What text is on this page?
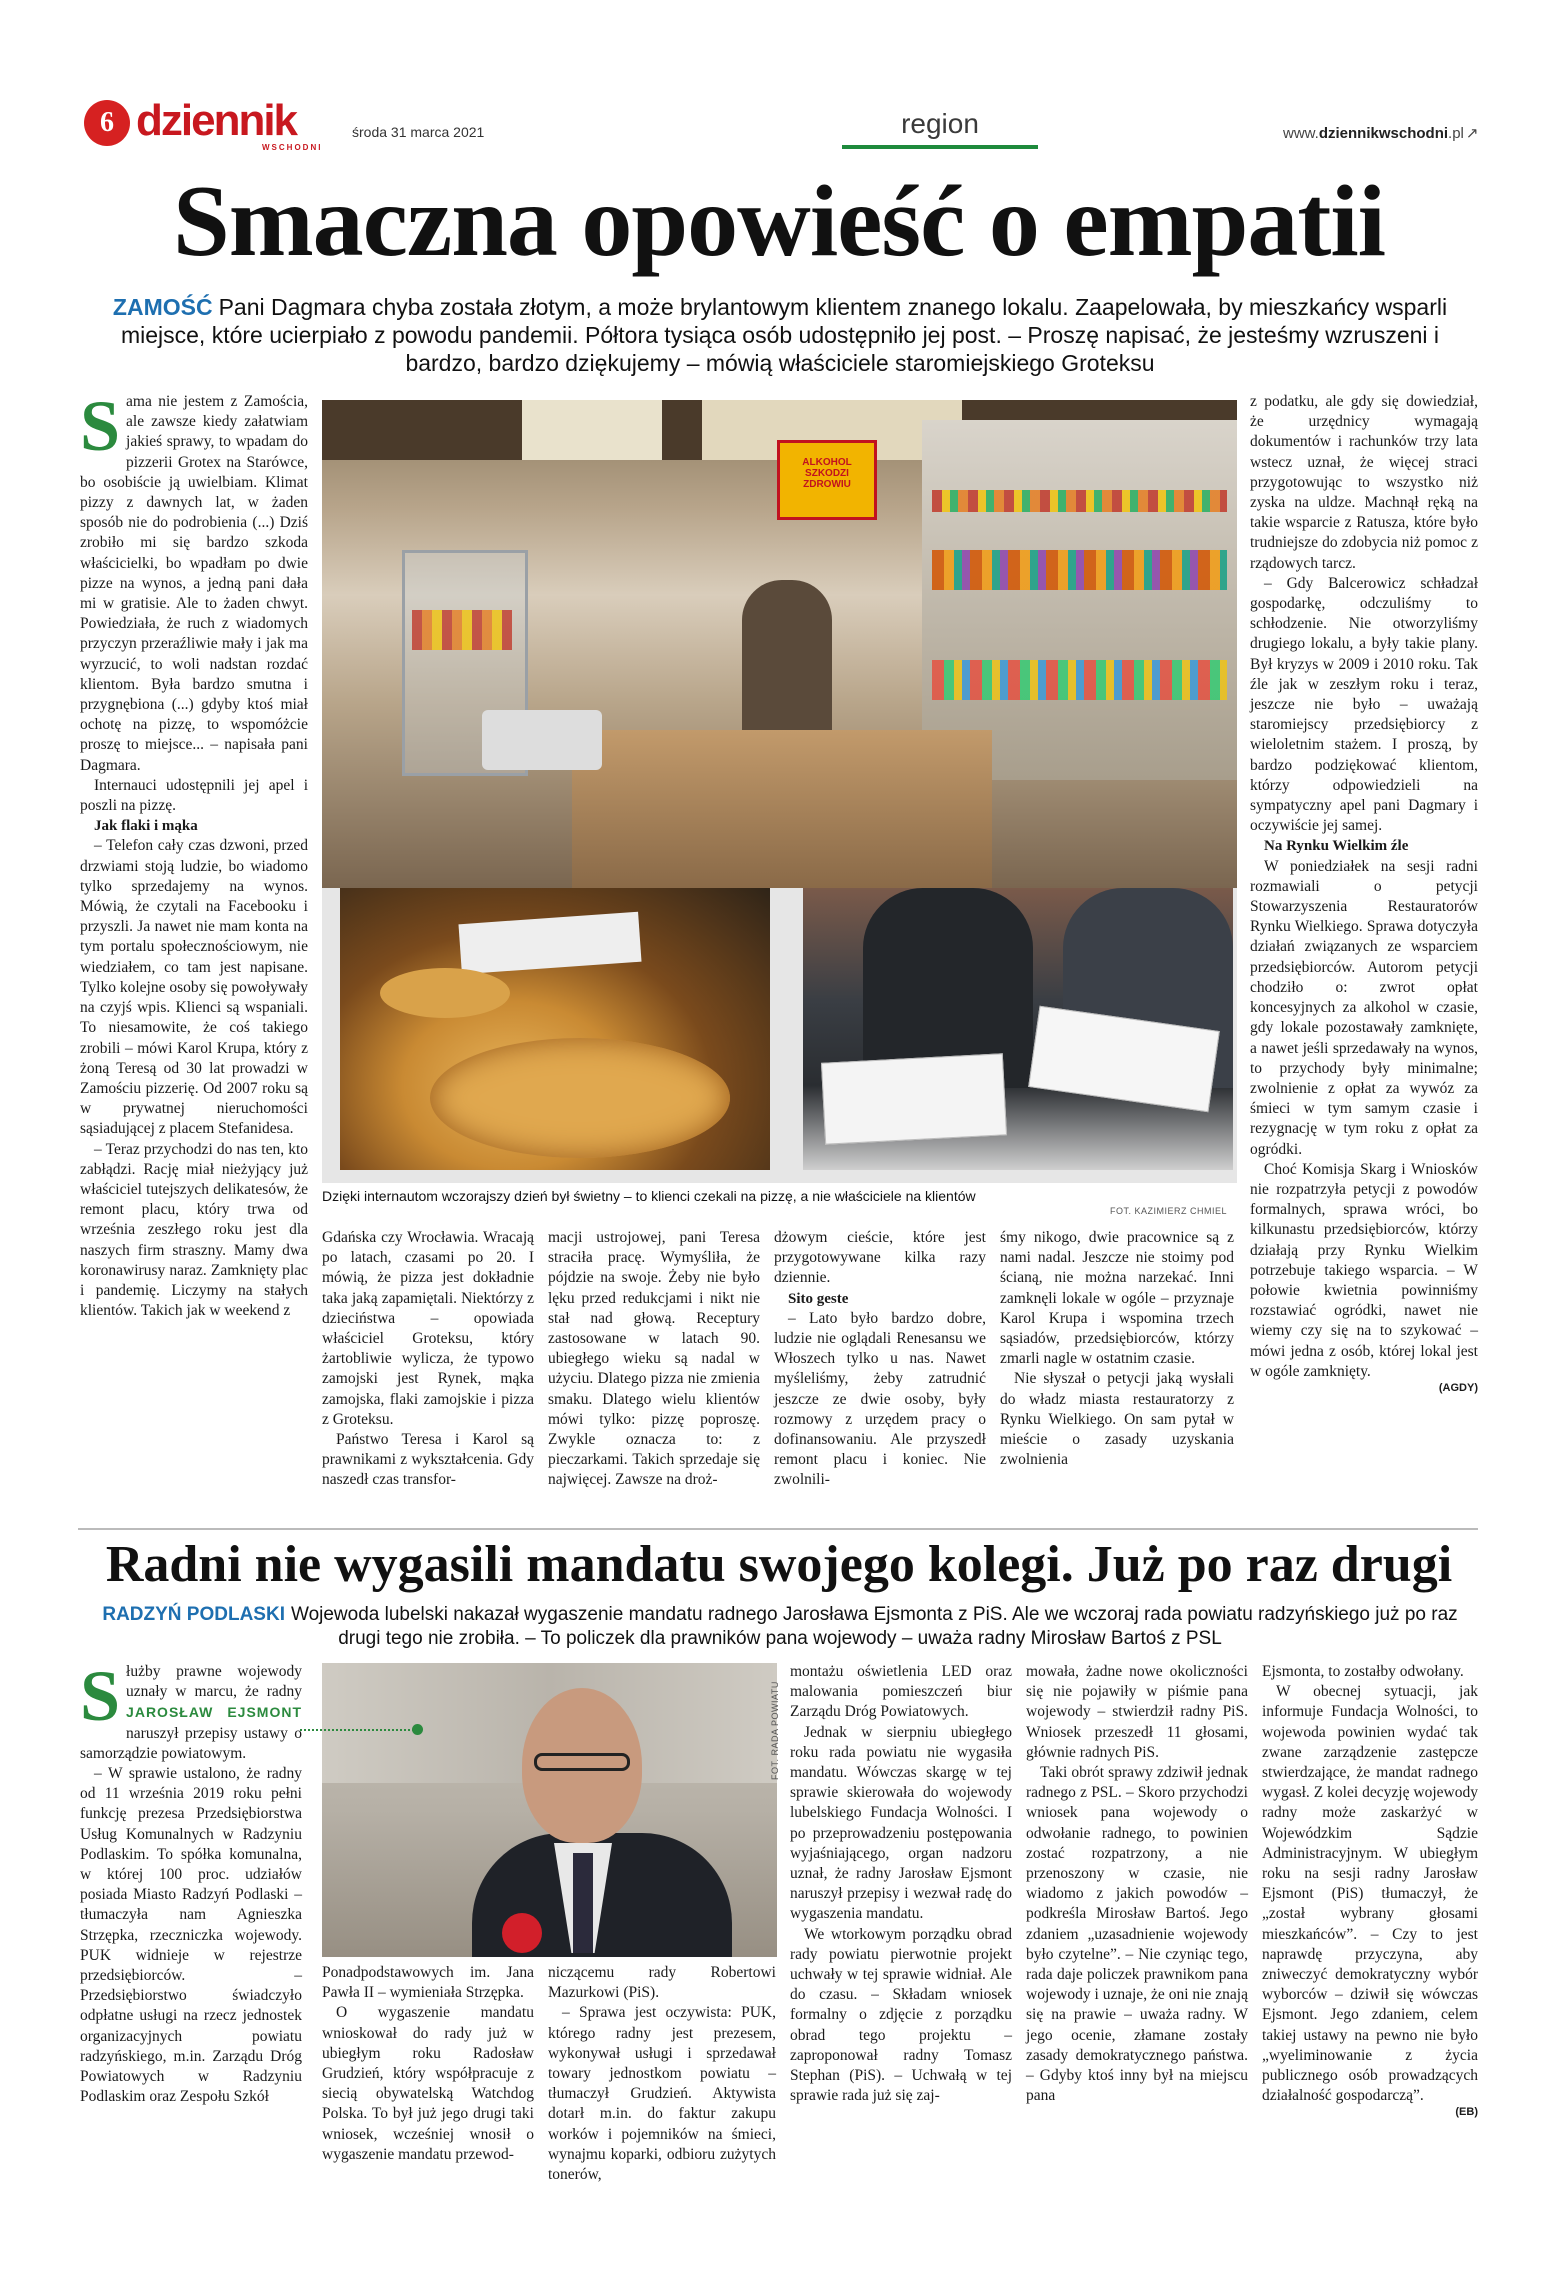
6 dziennik
WSCHODNI
środa 31 marca 2021	region	www.dziennikwschodni.pl ↗
Smaczna opowieść o empatii
ZAMOŚĆ Pani Dagmara chyba została złotym, a może brylantowym klientem znanego lokalu. Zaapelowała, by mieszkańcy wsparli miejsce, które ucierpiało z powodu pandemii. Półtora tysiąca osób udostępniło jej post. – Proszę napisać, że jesteśmy wzruszeni i bardzo, bardzo dziękujemy – mówią właściciele staromiejskiego Groteksu

Sama nie jestem z Zamościa, ale zawsze kiedy załatwiam jakieś sprawy, to wpadam do pizzerii Grotex na Starówce, bo osobiście ją uwielbiam. Klimat pizzy z dawnych lat, w żaden sposób nie do podrobienia (...) Dziś zrobiło mi się bardzo szkoda właścicielki, bo wpadłam po dwie pizze na wynos, a jedną pani dała mi w gratisie. Ale to żaden chwyt. Powiedziała, że ruch z wiadomych przyczyn przeraźliwie mały i jak ma wyrzucić, to woli nadstan rozdać klientom. Była bardzo smutna i przygnębiona (...) gdyby ktoś miał ochotę na pizzę, to wspomóżcie proszę to miejsce... – napisała pani Dagmara.

Internauci udostępnili jej apel i poszli na pizzę.

Jak flaki i mąka

– Telefon cały czas dzwoni, przed drzwiami stoją ludzie, bo wiadomo tylko sprzedajemy na wynos. Mówią, że czytali na Facebooku i przyszli. Ja nawet nie mam konta na tym portalu społecznościowym, nie wiedziałem, co tam jest napisane. Tylko kolejne osoby się powoływały na czyjś wpis. Klienci są wspaniali. To niesamowite, że coś takiego zrobili – mówi Karol Krupa, który z żoną Teresą od 30 lat prowadzi w Zamościu pizzerię. Od 2007 roku są w prywatnej nieruchomości sąsiadującej z placem Stefanidesa.

– Teraz przychodzi do nas ten, kto zabłądzi. Rację miał nieżyjący już właściciel tutejszych delikatesów, że remont placu, który trwa od września zeszłego roku jest dla naszych firm straszny. Mamy dwa koronawirusy naraz. Zamknięty plac i pandemię. Liczymy na stałych klientów. Takich jak w weekend z

ALKOHOL SZKODZI ZDROWIU
Dzięki internautom wczorajszy dzień był świetny – to klienci czekali na pizzę, a nie właściciele na klientów
FOT. KAZIMIERZ CHMIEL

Gdańska czy Wrocławia. Wracają po latach, czasami po 20. I mówią, że pizza jest dokładnie taka jaką zapamiętali. Niektórzy z dzieciństwa – opowiada właściciel Groteksu, który żartobliwie wylicza, że typowo zamojski jest Rynek, mąka zamojska, flaki zamojskie i pizza z Groteksu.

Państwo Teresa i Karol są prawnikami z wykształcenia. Gdy naszedł czas transfor-

macji ustrojowej, pani Teresa straciła pracę. Wymyśliła, że pójdzie na swoje. Żeby nie było lęku przed redukcjami i nikt nie stał nad głową. Receptury zastosowane w latach 90. ubiegłego wieku są nadal w użyciu. Dlatego pizza nie zmienia smaku. Dlatego wielu klientów mówi tylko: pizzę poproszę. Zwykle oznacza to: z pieczarkami. Takich sprzedaje się najwięcej. Zawsze na droż-

dżowym cieście, które jest przygotowywane kilka razy dziennie.

Sito geste

– Lato było bardzo dobre, ludzie nie oglądali Renesansu we Włoszech tylko u nas. Nawet myśleliśmy, żeby zatrudnić jeszcze ze dwie osoby, były rozmowy z urzędem pracy o dofinansowaniu. Ale przyszedł remont placu i koniec. Nie zwolnili-

śmy nikogo, dwie pracownice są z nami nadal. Jeszcze nie stoimy pod ścianą, nie można narzekać. Inni zamknęli lokale w ogóle – przyznaje Karol Krupa i wspomina trzech sąsiadów, przedsiębiorców, którzy zmarli nagle w ostatnim czasie.

Nie słyszał o petycji jaką wysłali do władz miasta restauratorzy z Rynku Wielkiego. On sam pytał w mieście o zasady uzyskania zwolnienia

z podatku, ale gdy się dowiedział, że urzędnicy wymagają dokumentów i rachunków trzy lata wstecz uznał, że więcej straci przygotowując to wszystko niż zyska na uldze. Machnął ręką na takie wsparcie z Ratusza, które było trudniejsze do zdobycia niż pomoc z rządowych tarcz.

– Gdy Balcerowicz schładzał gospodarkę, odczuliśmy to schłodzenie. Nie otworzyliśmy drugiego lokalu, a były takie plany. Był kryzys w 2009 i 2010 roku. Tak źle jak w zeszłym roku i teraz, jeszcze nie było – uważają staromiejscy przedsiębiorcy z wieloletnim stażem. I proszą, by bardzo podziękować klientom, którzy odpowiedzieli na sympatyczny apel pani Dagmary i oczywiście jej samej.

Na Rynku Wielkim źle

W poniedziałek na sesji radni rozmawiali o petycji Stowarzyszenia Restauratorów Rynku Wielkiego. Sprawa dotyczyła działań związanych ze wsparciem przedsiębiorców. Autorom petycji chodziło o: zwrot opłat koncesyjnych za alkohol w czasie, gdy lokale pozostawały zamknięte, a nawet jeśli sprzedawały na wynos, to przychody były minimalne; zwolnienie z opłat za wywóz za śmieci w tym samym czasie i rezygnację w tym roku z opłat za ogródki.

Choć Komisja Skarg i Wniosków nie rozpatrzyła petycji z powodów formalnych, sprawa wróci, bo kilkunastu przedsiębiorców, którzy działają przy Rynku Wielkim potrzebuje takiego wsparcia. – W połowie kwietnia powinniśmy rozstawiać ogródki, nawet nie wiemy czy się na to szykować – mówi jedna z osób, której lokal jest w ogóle zamknięty.

(AGDY)
Radni nie wygasili mandatu swojego kolegi. Już po raz drugi
RADZYŃ PODLASKI Wojewoda lubelski nakazał wygaszenie mandatu radnego Jarosława Ejsmonta z PiS. Ale we wczoraj rada powiatu radzyńskiego już po raz drugi tego nie zrobiła. – To policzek dla prawników pana wojewody – uważa radny Mirosław Bartoś z PSL

Służby prawne wojewody uznały w marcu, że radny JAROSŁAW EJSMONT naruszył przepisy ustawy o samorządzie powiatowym.

– W sprawie ustalono, że radny od 11 września 2019 roku pełni funkcję prezesa Przedsiębiorstwa Usług Komunalnych w Radzyniu Podlaskim. To spółka komunalna, w której 100 proc. udziałów posiada Miasto Radzyń Podlaski – tłumaczyła nam Agnieszka Strzępka, rzeczniczka wojewody. PUK widnieje w rejestrze przedsiębiorców. – Przedsiębiorstwo świadczyło odpłatne usługi na rzecz jednostek organizacyjnych powiatu radzyńskiego, m.in. Zarządu Dróg Powiatowych w Radzyniu Podlaskim oraz Zespołu Szkół

FOT. RADA POWIATU

Ponadpodstawowych im. Jana Pawła II – wymieniała Strzępka.

O wygaszenie mandatu wnioskował do rady już w ubiegłym roku Radosław Grudzień, który współpracuje z siecią obywatelską Watchdog Polska. To był już jego drugi taki wniosek, wcześniej wnosił o wygaszenie mandatu przewod-

niczącemu rady Robertowi Mazurkowi (PiS).

– Sprawa jest oczywista: PUK, którego radny jest prezesem, wykonywał usługi i sprzedawał towary jednostkom powiatu – tłumaczył Grudzień. Aktywista dotarł m.in. do faktur zakupu worków i pojemników na śmieci, wynajmu koparki, odbioru zużytych tonerów,

montażu oświetlenia LED oraz malowania pomieszczeń biur Zarządu Dróg Powiatowych.

Jednak w sierpniu ubiegłego roku rada powiatu nie wygasiła mandatu. Wówczas skargę w tej sprawie skierowała do wojewody lubelskiego Fundacja Wolności. I po przeprowadzeniu postępowania wyjaśniającego, organ nadzoru uznał, że radny Jarosław Ejsmont naruszył przepisy i wezwał radę do wygaszenia mandatu.

We wtorkowym porządku obrad rady powiatu pierwotnie projekt uchwały w tej sprawie widniał. Ale do czasu. – Składam wniosek formalny o zdjęcie z porządku obrad tego projektu – zaproponował radny Tomasz Stephan (PiS). – Uchwałą w tej sprawie rada już się zaj-

mowała, żadne nowe okoliczności się nie pojawiły w piśmie pana wojewody – stwierdził radny PiS. Wniosek przeszedł 11 głosami, głównie radnych PiS.

Taki obrót sprawy zdziwił jednak radnego z PSL. – Skoro przychodzi wniosek pana wojewody o odwołanie radnego, to powinien zostać rozpatrzony, a nie przenoszony w czasie, nie wiadomo z jakich powodów – podkreśla Mirosław Bartoś. Jego zdaniem „uzasadnienie wojewody było czytelne”. – Nie czyniąc tego, rada daje policzek prawnikom pana wojewody i uznaje, że oni nie znają się na prawie – uważa radny. W jego ocenie, złamane zostały zasady demokratycznego państwa. – Gdyby ktoś inny był na miejscu pana

Ejsmonta, to zostałby odwołany.

W obecnej sytuacji, jak informuje Fundacja Wolności, to wojewoda powinien wydać tak zwane zarządzenie zastępcze stwierdzające, że mandat radnego wygasł. Z kolei decyzję wojewody radny może zaskarżyć w Wojewódzkim Sądzie Administracyjnym. W ubiegłym roku na sesji radny Jarosław Ejsmont (PiS) tłumaczył, że „został wybrany głosami mieszkańców”. – Czy to jest naprawdę przyczyna, aby zniweczyć demokratyczny wybór wyborców – dziwił się wówczas Ejsmont. Jego zdaniem, celem takiej ustawy na pewno nie było „wyeliminowanie z życia publicznego osób prowadzących działalność gospodarczą”.

(EB)
